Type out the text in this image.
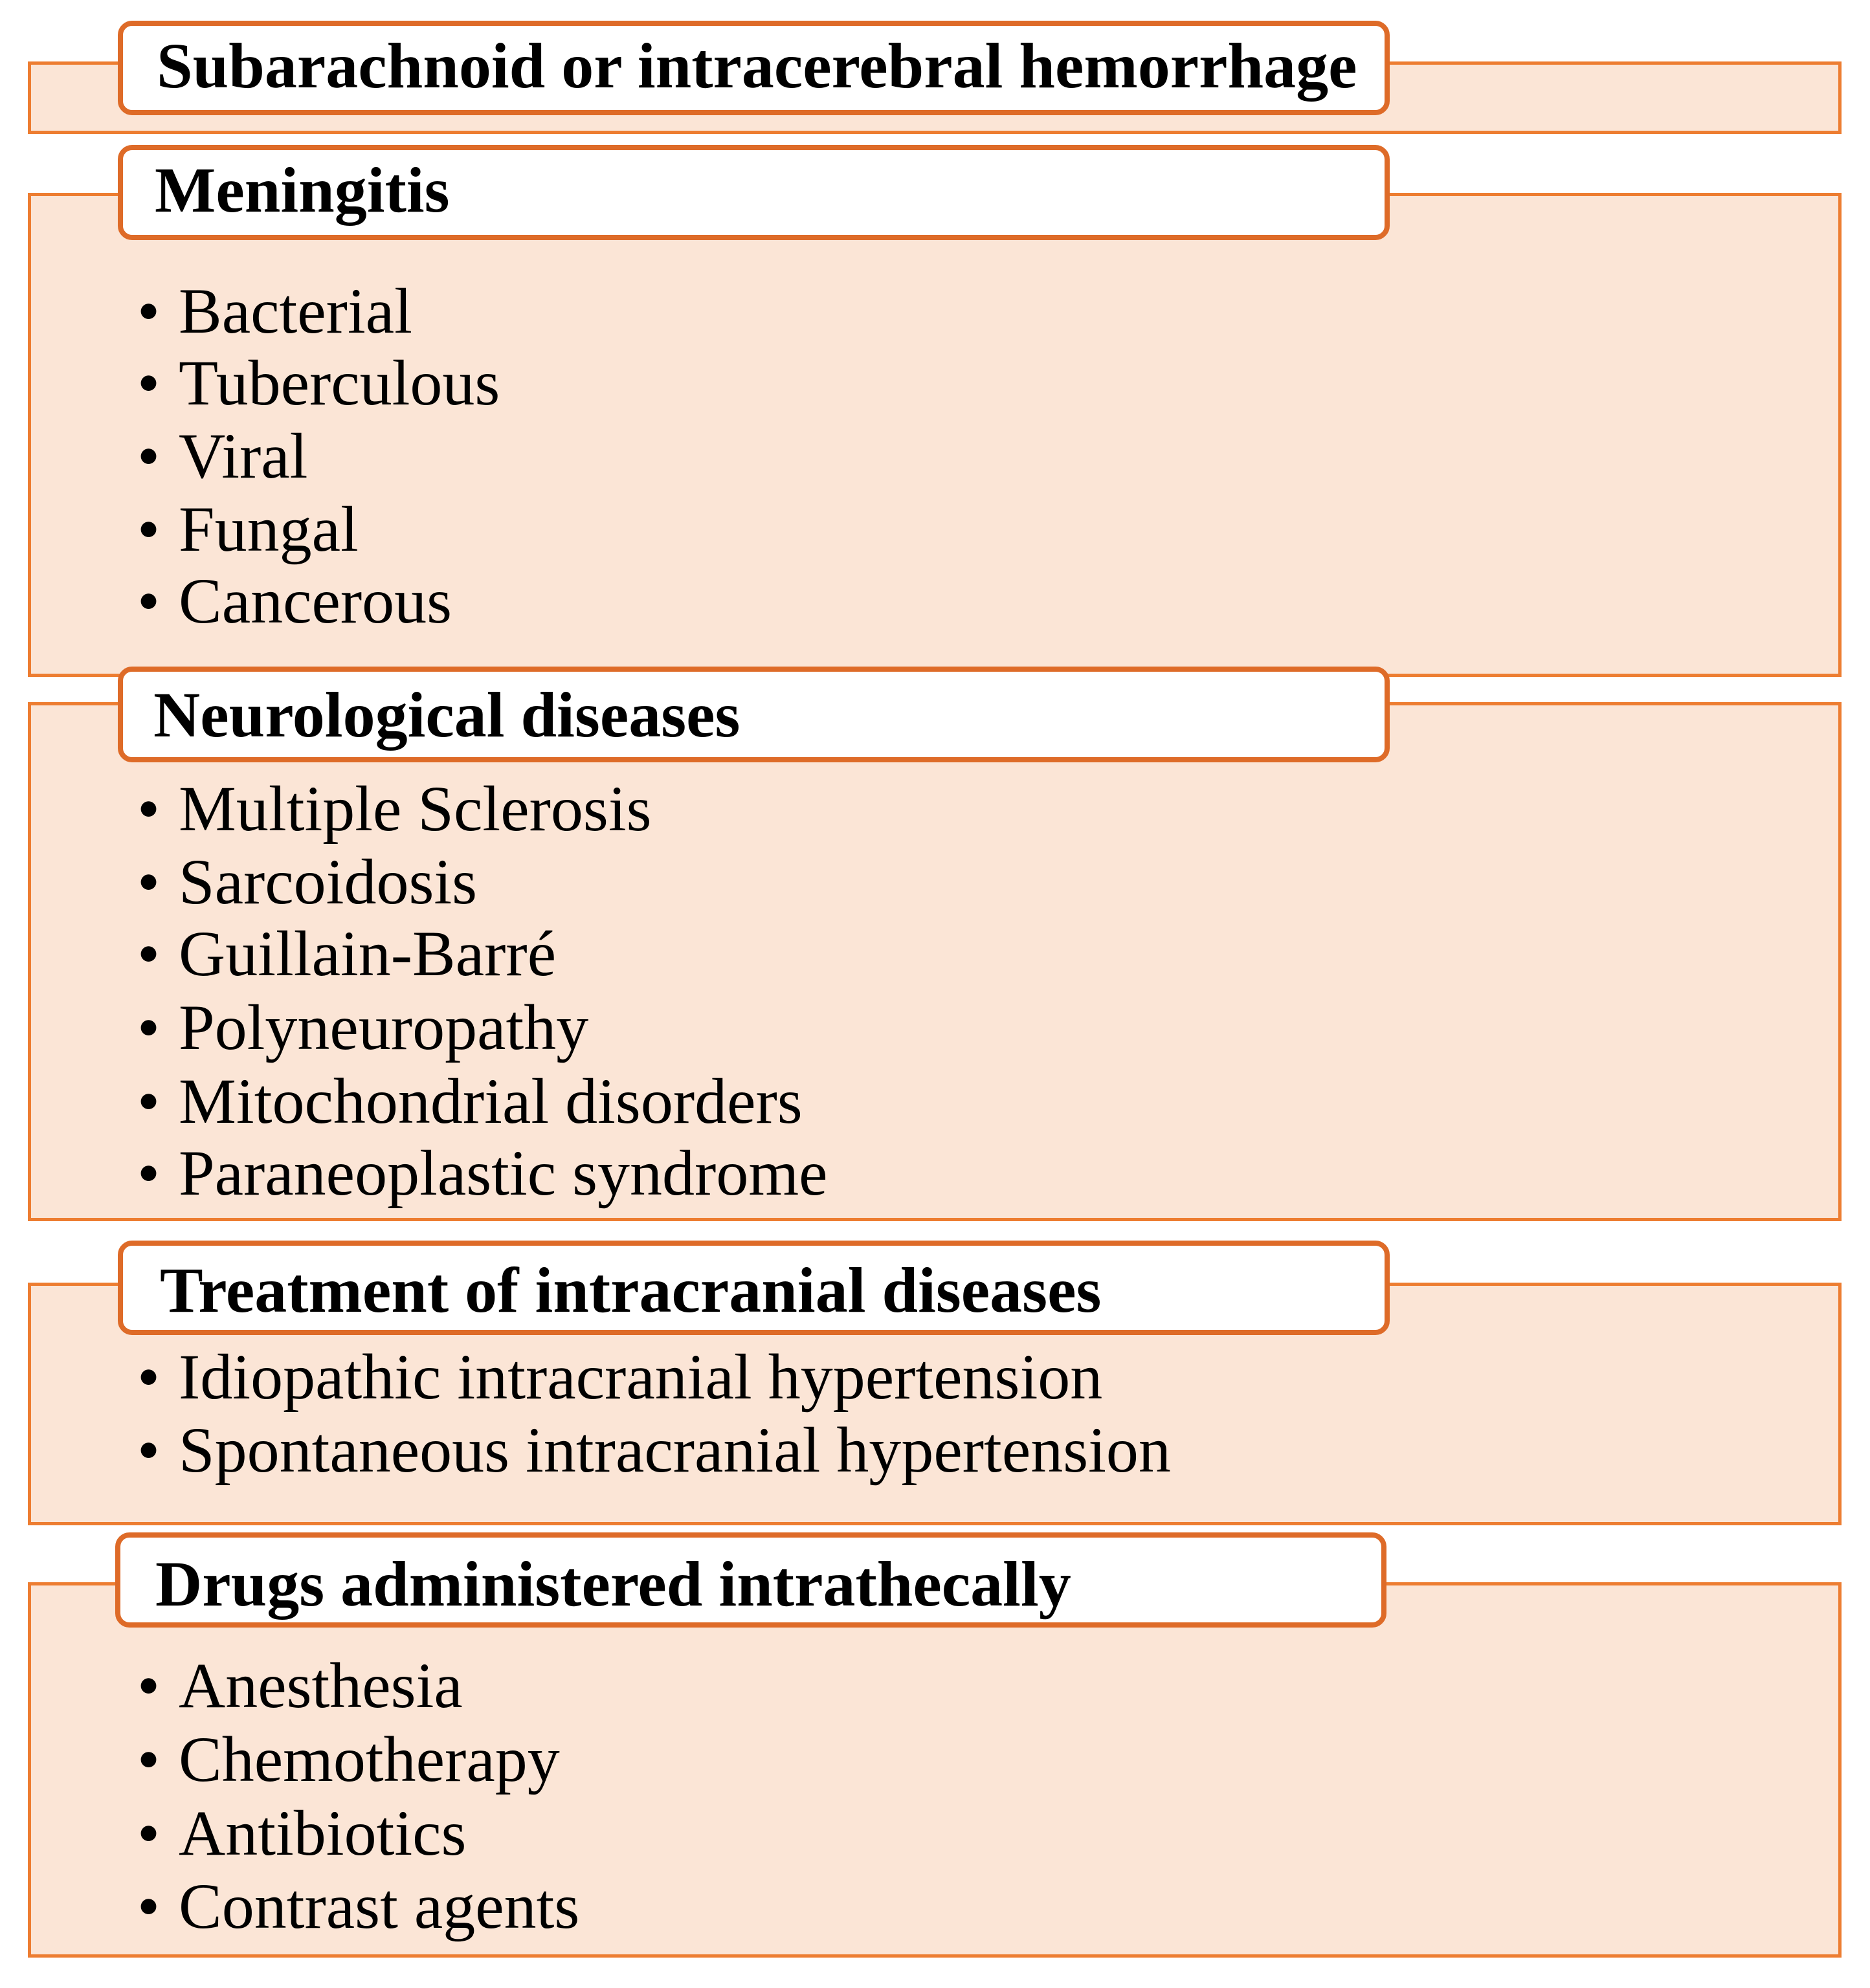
Subarachnoid or intracerebral hemorrhage
Meningitis
• Bacterial
• Tuberculous
• Viral
• Fungal
• Cancerous
Neurological diseases
• Multiple Sclerosis
• Sarcoidosis
• Guillain-Barré
• Polyneuropathy
• Mitochondrial disorders
• Paraneoplastic syndrome
Treatment of intracranial diseases
• Idiopathic intracranial hypertension
• Spontaneous intracranial hypertension
Drugs administered intrathecally
• Anesthesia
• Chemotherapy
• Antibiotics
• Contrast agents
